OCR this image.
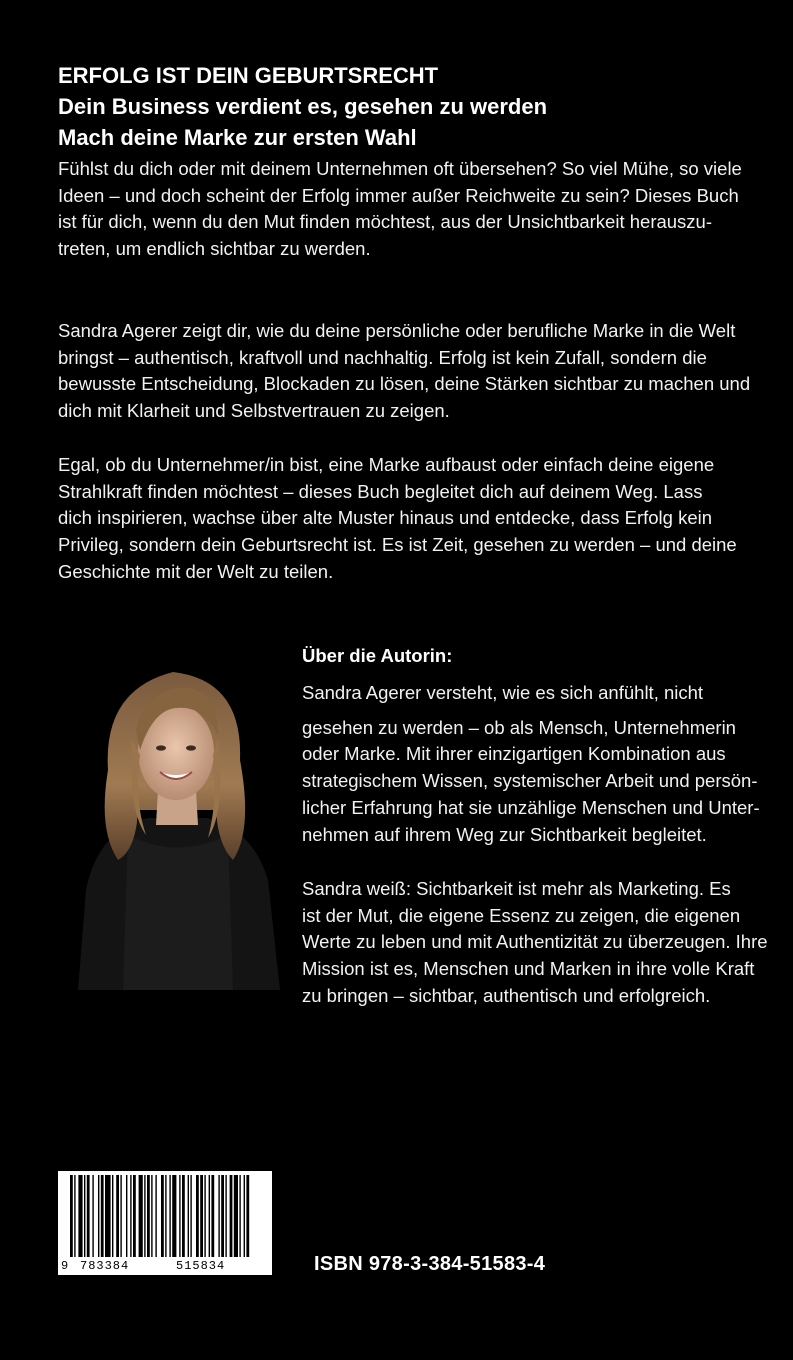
ERFOLG IST DEIN GEBURTSRECHT
Dein Business verdient es, gesehen zu werden
Mach deine Marke zur ersten Wahl
Fühlst du dich oder mit deinem Unternehmen oft übersehen? So viel Mühe, so viele
Ideen – und doch scheint der Erfolg immer außer Reichweite zu sein? Dieses Buch
ist für dich, wenn du den Mut finden möchtest, aus der Unsichtbarkeit herauszu-
treten, um endlich sichtbar zu werden.
Sandra Agerer zeigt dir, wie du deine persönliche oder berufliche Marke in die Welt
bringst – authentisch, kraftvoll und nachhaltig. Erfolg ist kein Zufall, sondern die
bewusste Entscheidung, Blockaden zu lösen, deine Stärken sichtbar zu machen und
dich mit Klarheit und Selbstvertrauen zu zeigen.
Egal, ob du Unternehmer/in bist, eine Marke aufbaust oder einfach deine eigene
Strahlkraft finden möchtest – dieses Buch begleitet dich auf deinem Weg. Lass
dich inspirieren, wachse über alte Muster hinaus und entdecke, dass Erfolg kein
Privileg, sondern dein Geburtsrecht ist. Es ist Zeit, gesehen zu werden – und deine
Geschichte mit der Welt zu teilen.
Über die Autorin:
Sandra Agerer versteht, wie es sich anfühlt, nicht
gesehen zu werden – ob als Mensch, Unternehmerin
oder Marke. Mit ihrer einzigartigen Kombination aus
strategischem Wissen, systemischer Arbeit und persön-
licher Erfahrung hat sie unzählige Menschen und Unter-
nehmen auf ihrem Weg zur Sichtbarkeit begleitet.
Sandra weiß: Sichtbarkeit ist mehr als Marketing. Es
ist der Mut, die eigene Essenz zu zeigen, die eigenen
Werte zu leben und mit Authentizität zu überzeugen. Ihre
Mission ist es, Menschen und Marken in ihre volle Kraft
zu bringen – sichtbar, authentisch und erfolgreich.
9 783384	515834	ISBN 978-3-384-51583-4
